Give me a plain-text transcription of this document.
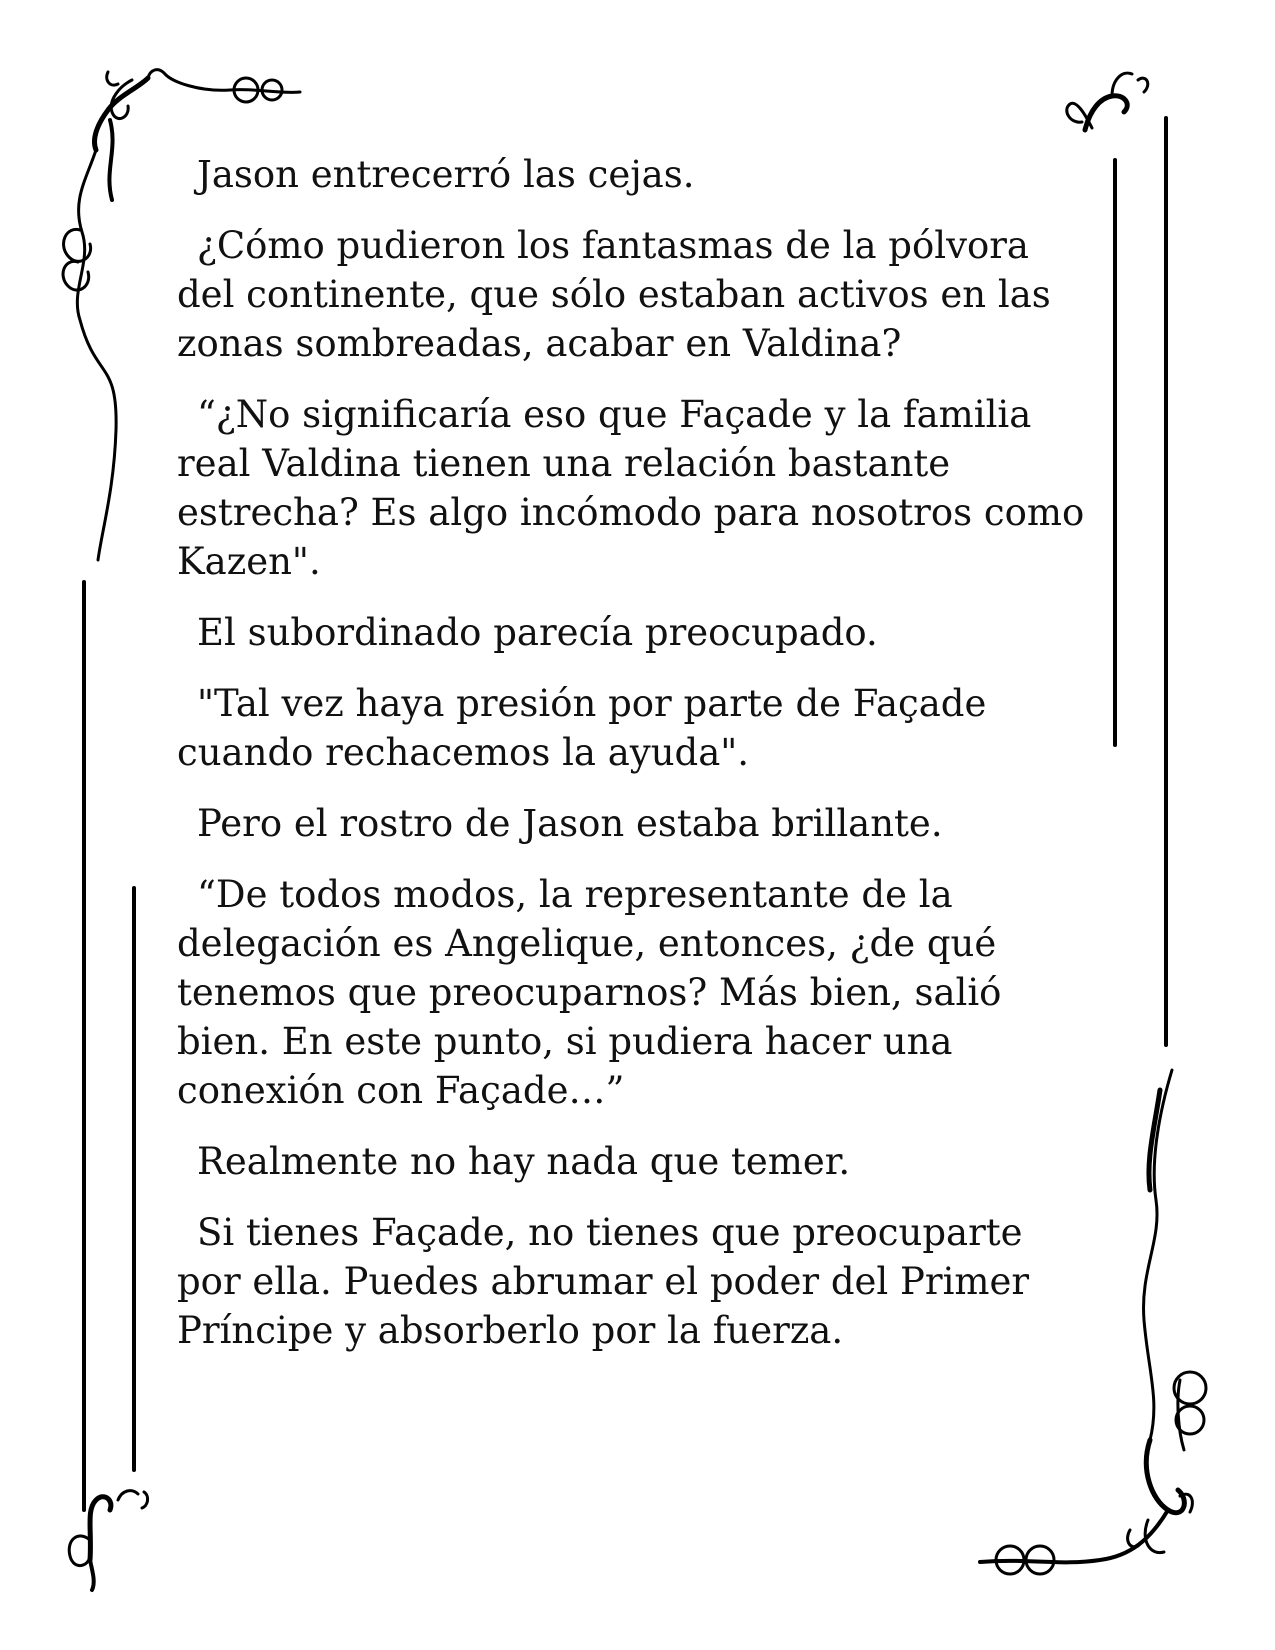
Jason entrecerró las cejas.

¿Cómo pudieron los fantasmas de la pólvora del continente, que sólo estaban activos en las zonas sombreadas, acabar en Valdina?

“¿No significaría eso que Façade y la familia real Valdina tienen una relación bastante estrecha? Es algo incómodo para nosotros como Kazen".

El subordinado parecía preocupado.

"Tal vez haya presión por parte de Façade cuando rechacemos la ayuda".

Pero el rostro de Jason estaba brillante.

“De todos modos, la representante de la delegación es Angelique, entonces, ¿de qué tenemos que preocuparnos? Más bien, salió bien. En este punto, si pudiera hacer una conexión con Façade…”

Realmente no hay nada que temer.

Si tienes Façade, no tienes que preocuparte por ella. Puedes abrumar el poder del Primer Príncipe y absorberlo por la fuerza.
